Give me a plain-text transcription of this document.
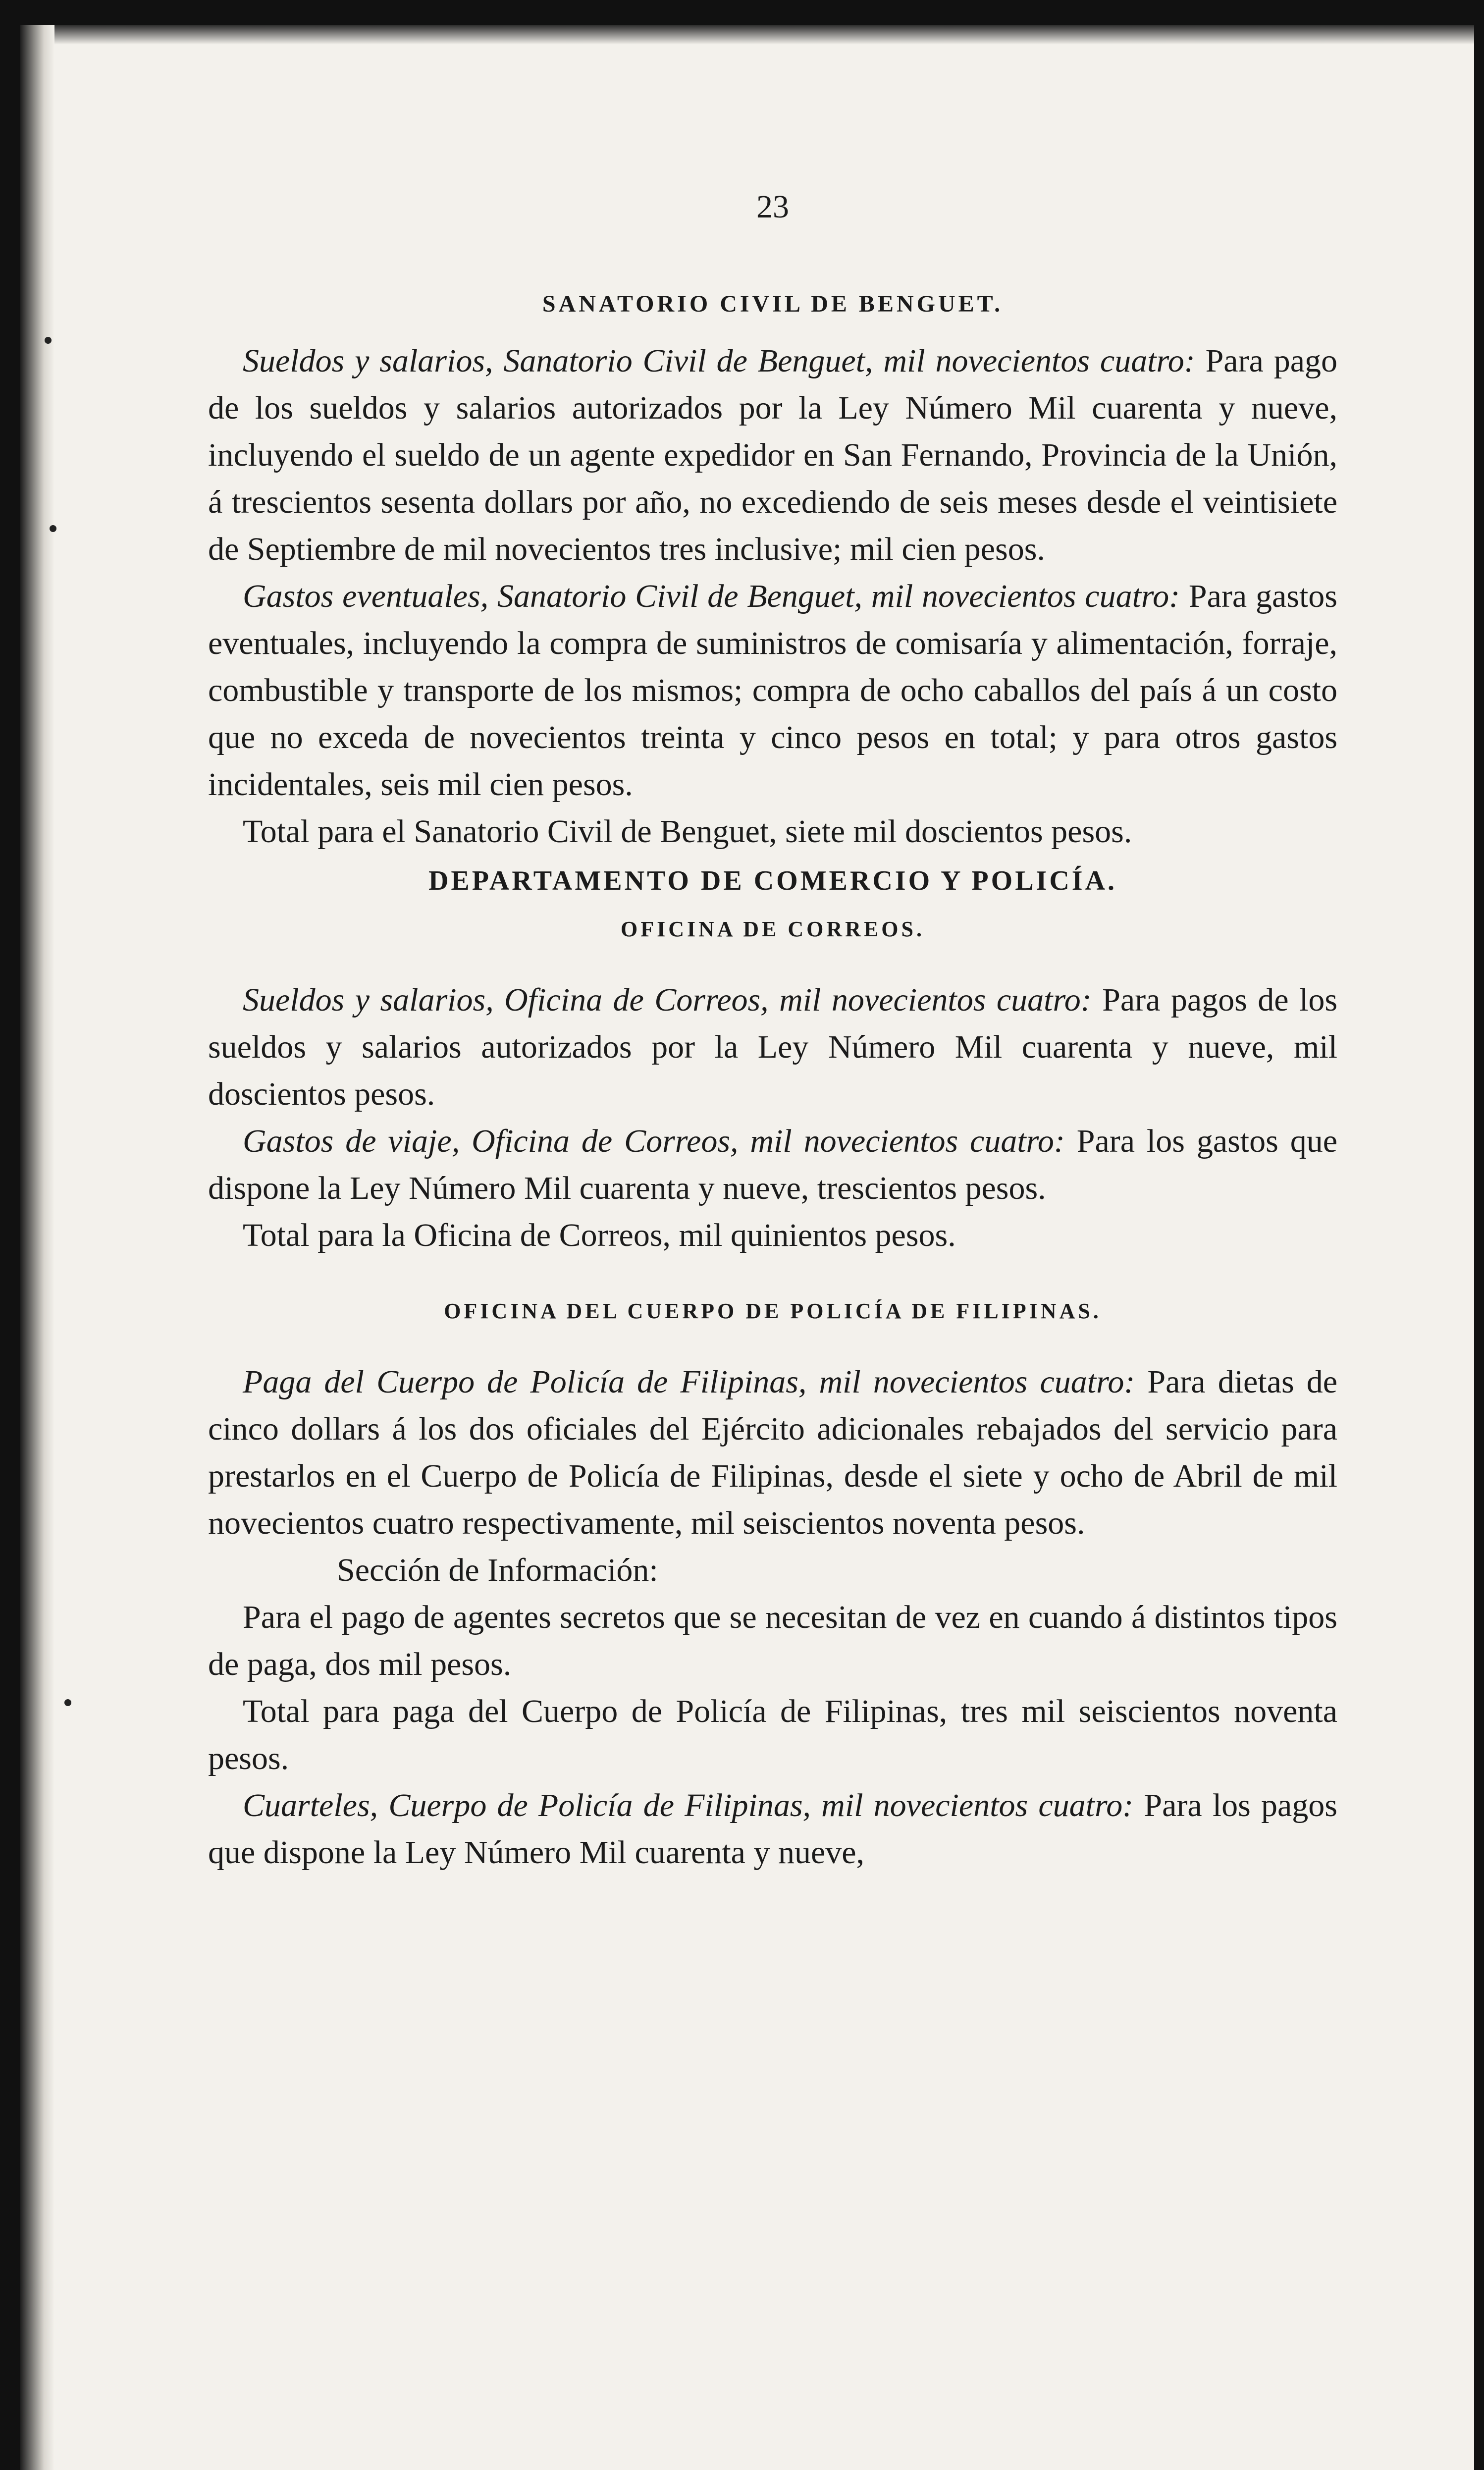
23
SANATORIO CIVIL DE BENGUET.

Sueldos y salarios, Sanatorio Civil de Benguet, mil novecientos cuatro: Para pago de los sueldos y salarios autorizados por la Ley Número Mil cuarenta y nueve, incluyendo el sueldo de un agente expedidor en San Fernando, Provincia de la Unión, á trescientos sesenta dollars por año, no excediendo de seis meses desde el veintisiete de Septiembre de mil novecientos tres inclusive; mil cien pesos.

Gastos eventuales, Sanatorio Civil de Benguet, mil novecientos cuatro: Para gastos eventuales, incluyendo la compra de suministros de comisaría y alimentación, forraje, combustible y transporte de los mismos; compra de ocho caballos del país á un costo que no exceda de novecientos treinta y cinco pesos en total; y para otros gastos incidentales, seis mil cien pesos.

Total para el Sanatorio Civil de Benguet, siete mil doscientos pesos.

DEPARTAMENTO DE COMERCIO Y POLICÍA.
OFICINA DE CORREOS.

Sueldos y salarios, Oficina de Correos, mil novecientos cuatro: Para pagos de los sueldos y salarios autorizados por la Ley Número Mil cuarenta y nueve, mil doscientos pesos.

Gastos de viaje, Oficina de Correos, mil novecientos cuatro: Para los gastos que dispone la Ley Número Mil cuarenta y nueve, trescientos pesos.

Total para la Oficina de Correos, mil quinientos pesos.

OFICINA DEL CUERPO DE POLICÍA DE FILIPINAS.

Paga del Cuerpo de Policía de Filipinas, mil novecientos cuatro: Para dietas de cinco dollars á los dos oficiales del Ejército adicionales rebajados del servicio para prestarlos en el Cuerpo de Policía de Filipinas, desde el siete y ocho de Abril de mil novecientos cuatro respectivamente, mil seiscientos noventa pesos.

Sección de Información:

Para el pago de agentes secretos que se necesitan de vez en cuando á distintos tipos de paga, dos mil pesos.

Total para paga del Cuerpo de Policía de Filipinas, tres mil seiscientos noventa pesos.

Cuarteles, Cuerpo de Policía de Filipinas, mil novecientos cuatro: Para los pagos que dispone la Ley Número Mil cuarenta y nueve,
